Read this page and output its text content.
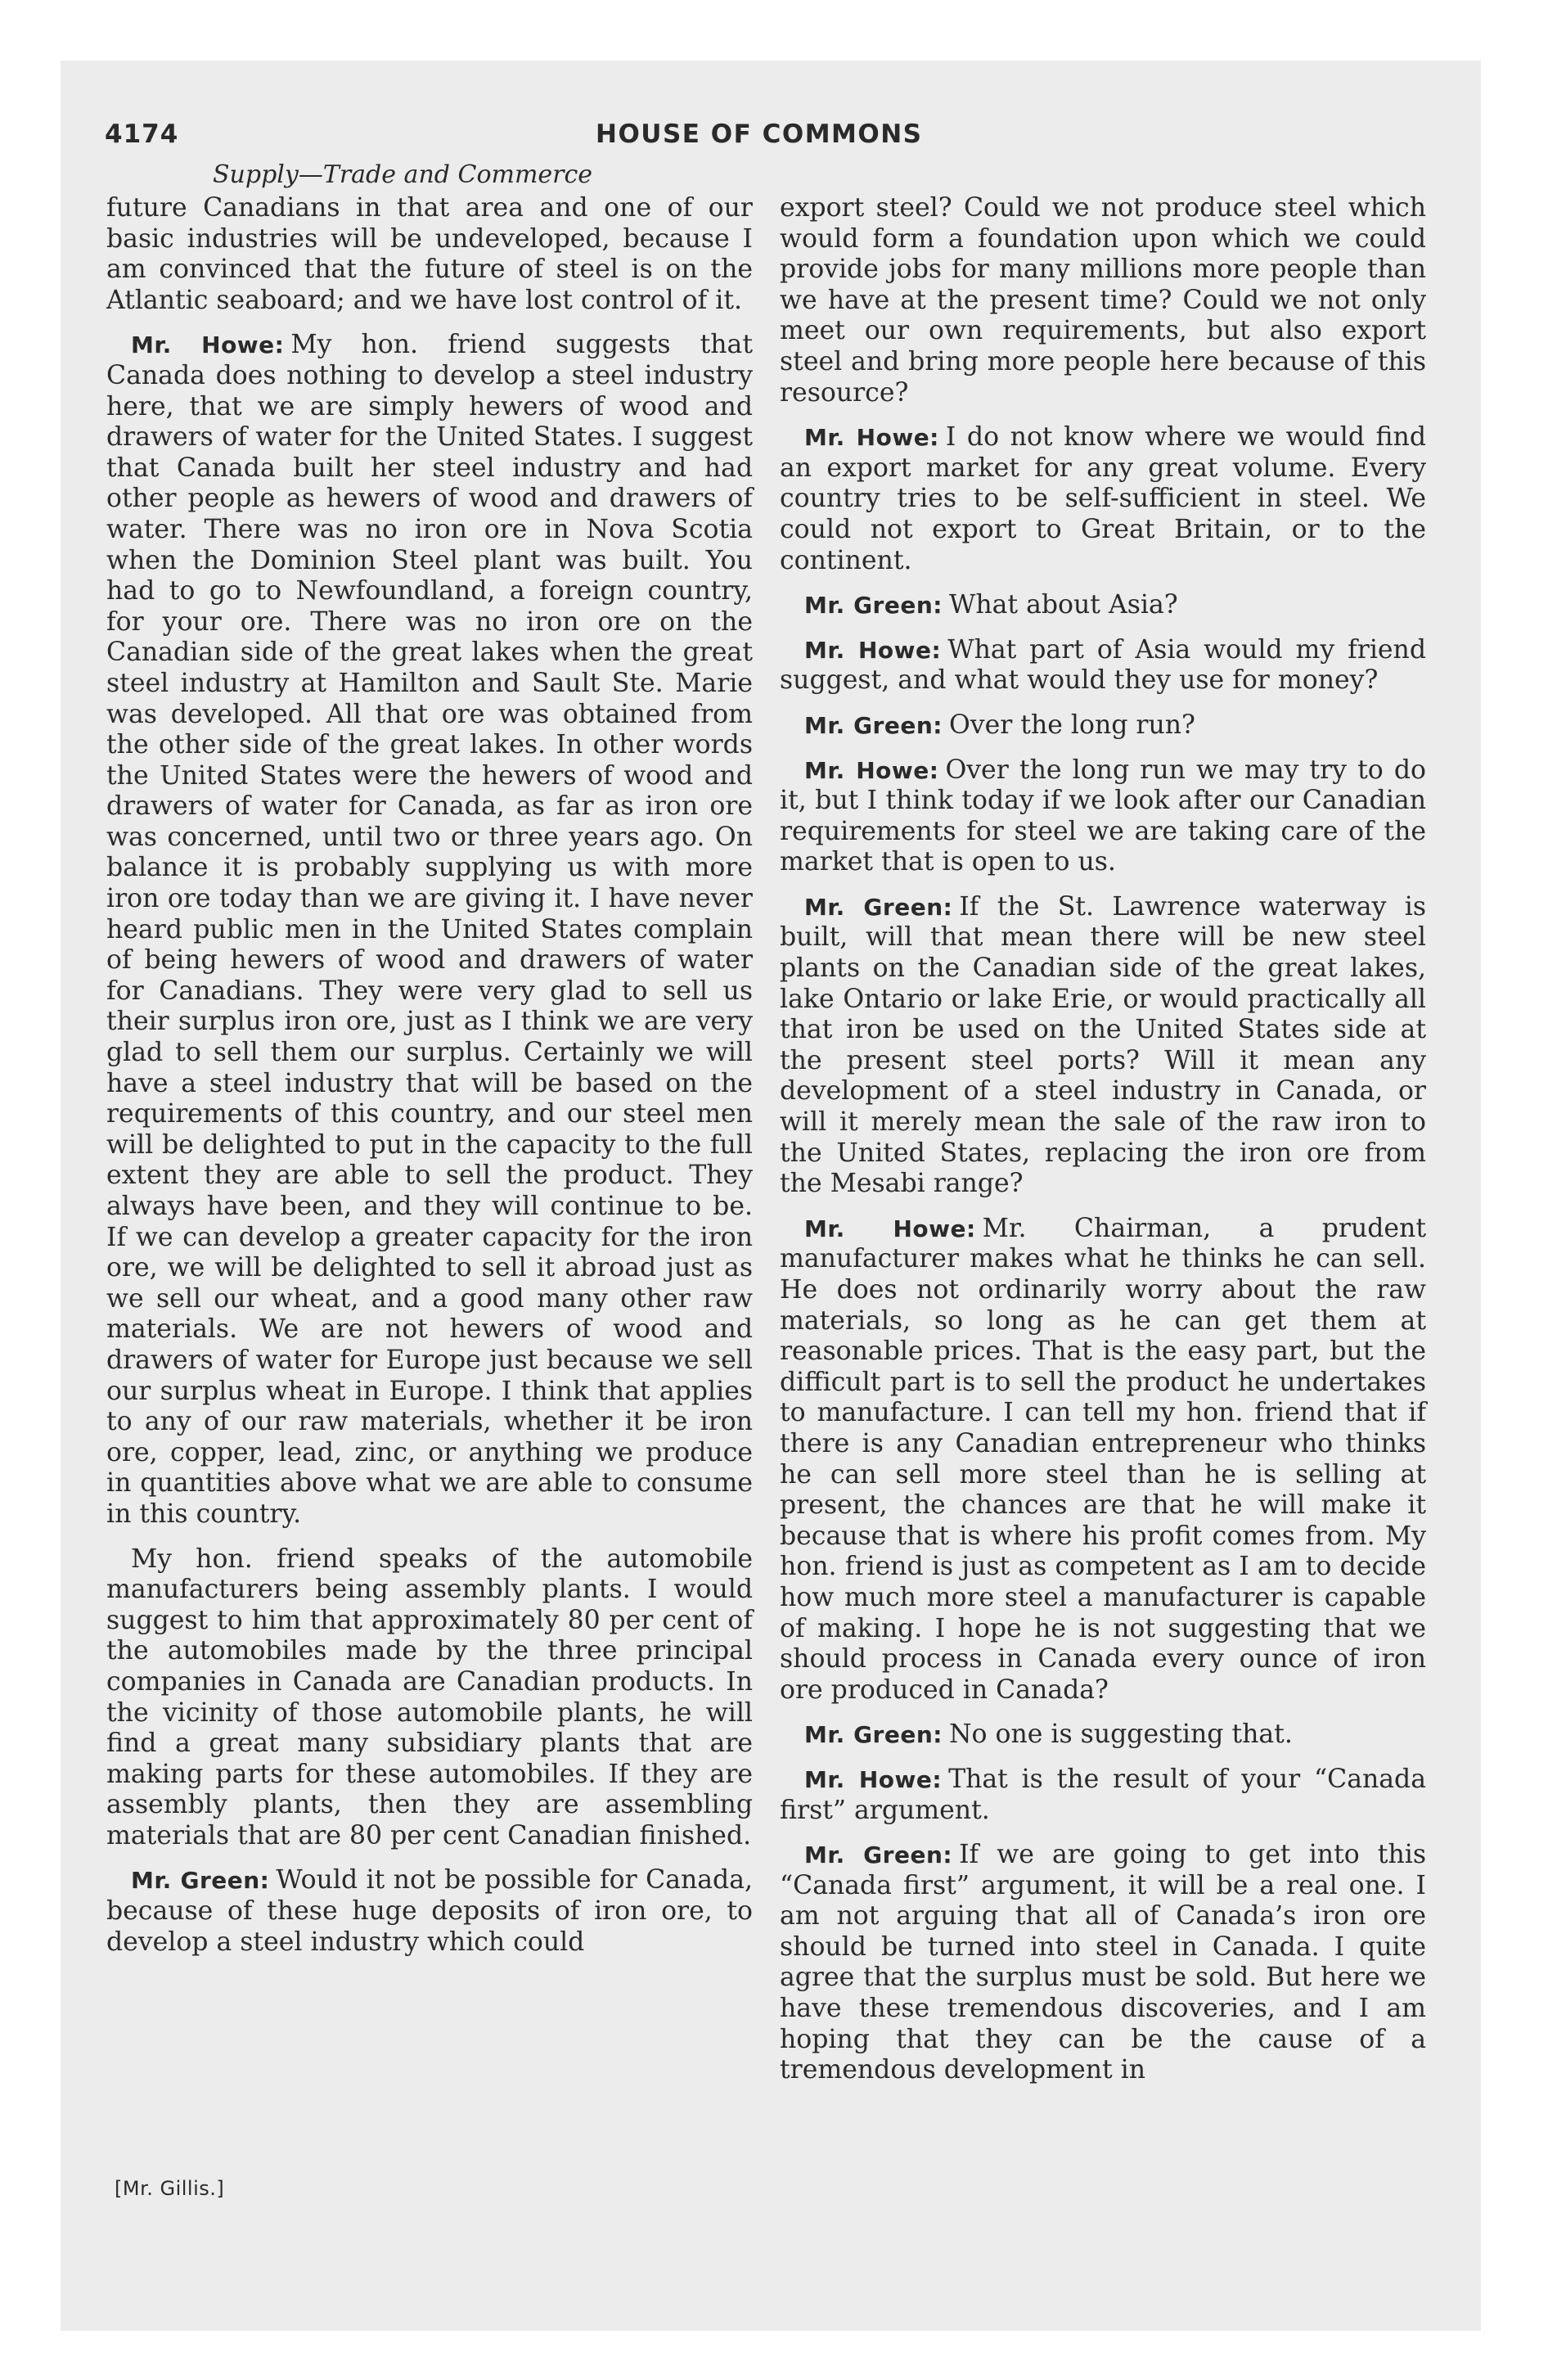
4174	HOUSE OF COMMONS
Supply—Trade and Commerce

future Canadians in that area and one of our basic industries will be undeveloped, because I am convinced that the future of steel is on the Atlantic seaboard; and we have lost control of it.

Mr. Howe: My hon. friend suggests that Canada does nothing to develop a steel industry here, that we are simply hewers of wood and drawers of water for the United States. I suggest that Canada built her steel industry and had other people as hewers of wood and drawers of water. There was no iron ore in Nova Scotia when the Dominion Steel plant was built. You had to go to Newfoundland, a foreign country, for your ore. There was no iron ore on the Canadian side of the great lakes when the great steel industry at Hamilton and Sault Ste. Marie was developed. All that ore was obtained from the other side of the great lakes. In other words the United States were the hewers of wood and drawers of water for Canada, as far as iron ore was concerned, until two or three years ago. On balance it is probably supplying us with more iron ore today than we are giving it. I have never heard public men in the United States complain of being hewers of wood and drawers of water for Canadians. They were very glad to sell us their surplus iron ore, just as I think we are very glad to sell them our surplus. Certainly we will have a steel industry that will be based on the requirements of this country, and our steel men will be delighted to put in the capacity to the full extent they are able to sell the product. They always have been, and they will continue to be. If we can develop a greater capacity for the iron ore, we will be delighted to sell it abroad just as we sell our wheat, and a good many other raw materials. We are not hewers of wood and drawers of water for Europe just because we sell our surplus wheat in Europe. I think that applies to any of our raw materials, whether it be iron ore, copper, lead, zinc, or anything we produce in quantities above what we are able to consume in this country.

My hon. friend speaks of the automobile manufacturers being assembly plants. I would suggest to him that approximately 80 per cent of the automobiles made by the three principal companies in Canada are Canadian products. In the vicinity of those automobile plants, he will find a great many subsidiary plants that are making parts for these automobiles. If they are assembly plants, then they are assembling materials that are 80 per cent Canadian finished.

Mr. Green: Would it not be possible for Canada, because of these huge deposits of iron ore, to develop a steel industry which could

export steel? Could we not produce steel which would form a foundation upon which we could provide jobs for many millions more people than we have at the present time? Could we not only meet our own requirements, but also export steel and bring more people here because of this resource?

Mr. Howe: I do not know where we would find an export market for any great volume. Every country tries to be self-sufficient in steel. We could not export to Great Britain, or to the continent.

Mr. Green: What about Asia?

Mr. Howe: What part of Asia would my friend suggest, and what would they use for money?

Mr. Green: Over the long run?

Mr. Howe: Over the long run we may try to do it, but I think today if we look after our Canadian requirements for steel we are taking care of the market that is open to us.

Mr. Green: If the St. Lawrence waterway is built, will that mean there will be new steel plants on the Canadian side of the great lakes, lake Ontario or lake Erie, or would practically all that iron be used on the United States side at the present steel ports? Will it mean any development of a steel industry in Canada, or will it merely mean the sale of the raw iron to the United States, replacing the iron ore from the Mesabi range?

Mr. Howe: Mr. Chairman, a prudent manufacturer makes what he thinks he can sell. He does not ordinarily worry about the raw materials, so long as he can get them at reasonable prices. That is the easy part, but the difficult part is to sell the product he undertakes to manufacture. I can tell my hon. friend that if there is any Canadian entrepreneur who thinks he can sell more steel than he is selling at present, the chances are that he will make it because that is where his profit comes from. My hon. friend is just as competent as I am to decide how much more steel a manufacturer is capable of making. I hope he is not suggesting that we should process in Canada every ounce of iron ore produced in Canada?

Mr. Green: No one is suggesting that.

Mr. Howe: That is the result of your “Canada first” argument.

Mr. Green: If we are going to get into this “Canada first” argument, it will be a real one. I am not arguing that all of Canada’s iron ore should be turned into steel in Canada. I quite agree that the surplus must be sold. But here we have these tremendous discoveries, and I am hoping that they can be the cause of a tremendous development in

[Mr. Gillis.]
